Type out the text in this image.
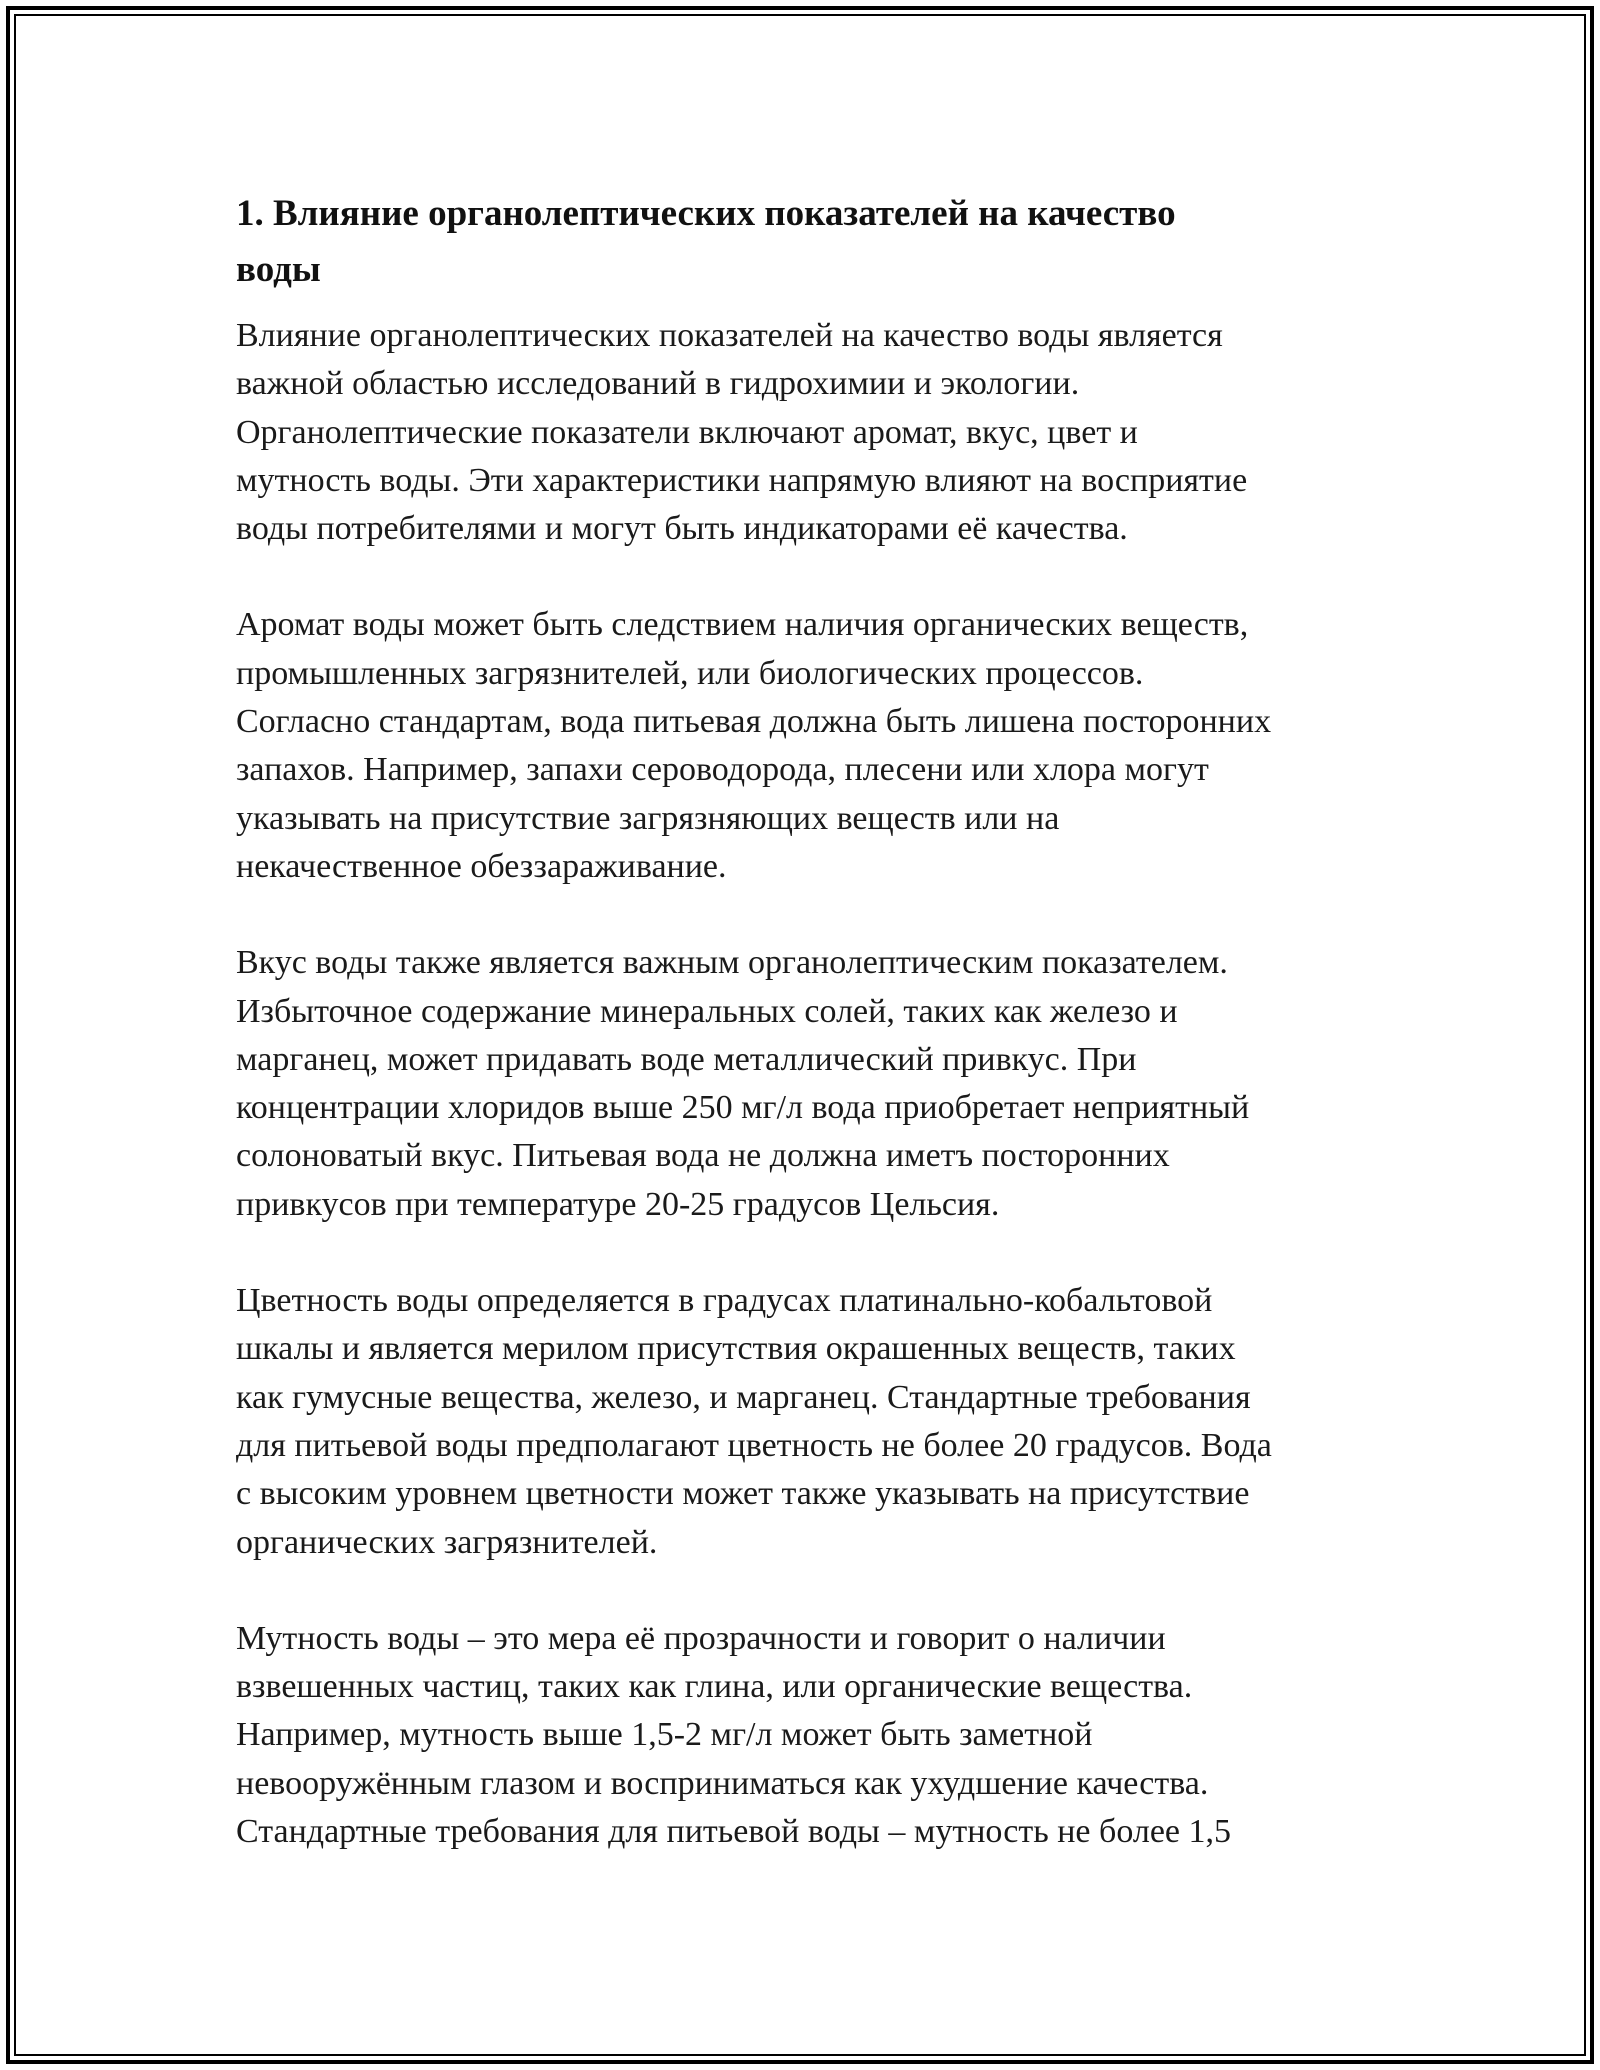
1. Влияние органолептических показателей на качество
воды

Влияние органолептических показателей на качество воды является
важной областью исследований в гидрохимии и экологии.
Органолептические показатели включают аромат, вкус, цвет и
мутность воды. Эти характеристики напрямую влияют на восприятие
воды потребителями и могут быть индикаторами её качества.

Аромат воды может быть следствием наличия органических веществ,
промышленных загрязнителей, или биологических процессов.
Согласно стандартам, вода питьевая должна быть лишена посторонних
запахов. Например, запахи сероводорода, плесени или хлора могут
указывать на присутствие загрязняющих веществ или на
некачественное обеззараживание.

Вкус воды также является важным органолептическим показателем.
Избыточное содержание минеральных солей, таких как железо и
марганец, может придавать воде металлический привкус. При
концентрации хлоридов выше 250 мг/л вода приобретает неприятный
солоноватый вкус. Питьевая вода не должна иметъ посторонних
привкусов при температуре 20-25 градусов Цельсия.

Цветность воды определяется в градусах платинально-кобальтовой
шкалы и является мерилом присутствия окрашенных веществ, таких
как гумусные вещества, железо, и марганец. Стандартные требования
для питьевой воды предполагают цветность не более 20 градусов. Вода
с высоким уровнем цветности может также указывать на присутствие
органических загрязнителей.

Мутность воды – это мера её прозрачности и говорит о наличии
взвешенных частиц, таких как глина, или органические вещества.
Например, мутность выше 1,5-2 мг/л может быть заметной
невооружённым глазом и восприниматься как ухудшение качества.
Стандартные требования для питьевой воды – мутность не более 1,5
